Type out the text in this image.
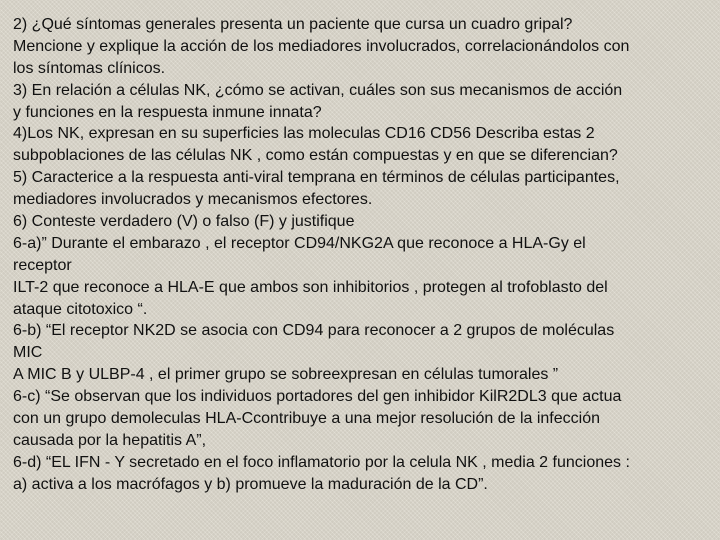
2) ¿Qué síntomas generales presenta un paciente que cursa un cuadro gripal?
Mencione y explique la acción de los mediadores involucrados, correlacionándolos con
los síntomas clínicos.
3) En relación a células NK, ¿cómo se activan, cuáles son sus mecanismos de acción
y funciones en la respuesta inmune innata?
4)Los NK, expresan en su superficies las moleculas CD16 CD56 Describa estas 2
subpoblaciones de las células NK , como están compuestas y en que se diferencian?
5) Caracterice a la respuesta anti-viral temprana en términos de células participantes,
mediadores involucrados y mecanismos efectores.
6) Conteste verdadero (V) o falso (F) y justifique
6-a)” Durante el embarazo , el receptor CD94/NKG2A que reconoce a HLA-Gy el
receptor
ILT-2 que reconoce a HLA-E que ambos son inhibitorios , protegen al trofoblasto del
ataque citotoxico “.
6-b) “El receptor NK2D se asocia con CD94 para reconocer a 2 grupos de moléculas
MIC
A MIC B y ULBP-4 , el primer grupo se sobreexpresan en células tumorales ”
6-c) “Se observan que los individuos portadores del gen inhibidor KilR2DL3 que actua
con un grupo demoleculas HLA-Ccontribuye a una mejor resolución de la infección
causada por la hepatitis A”,
6-d) “EL IFN - Y secretado en el foco inflamatorio por la celula NK , media 2 funciones :
a) activa a los macrófagos y b) promueve la maduración de la CD”.
